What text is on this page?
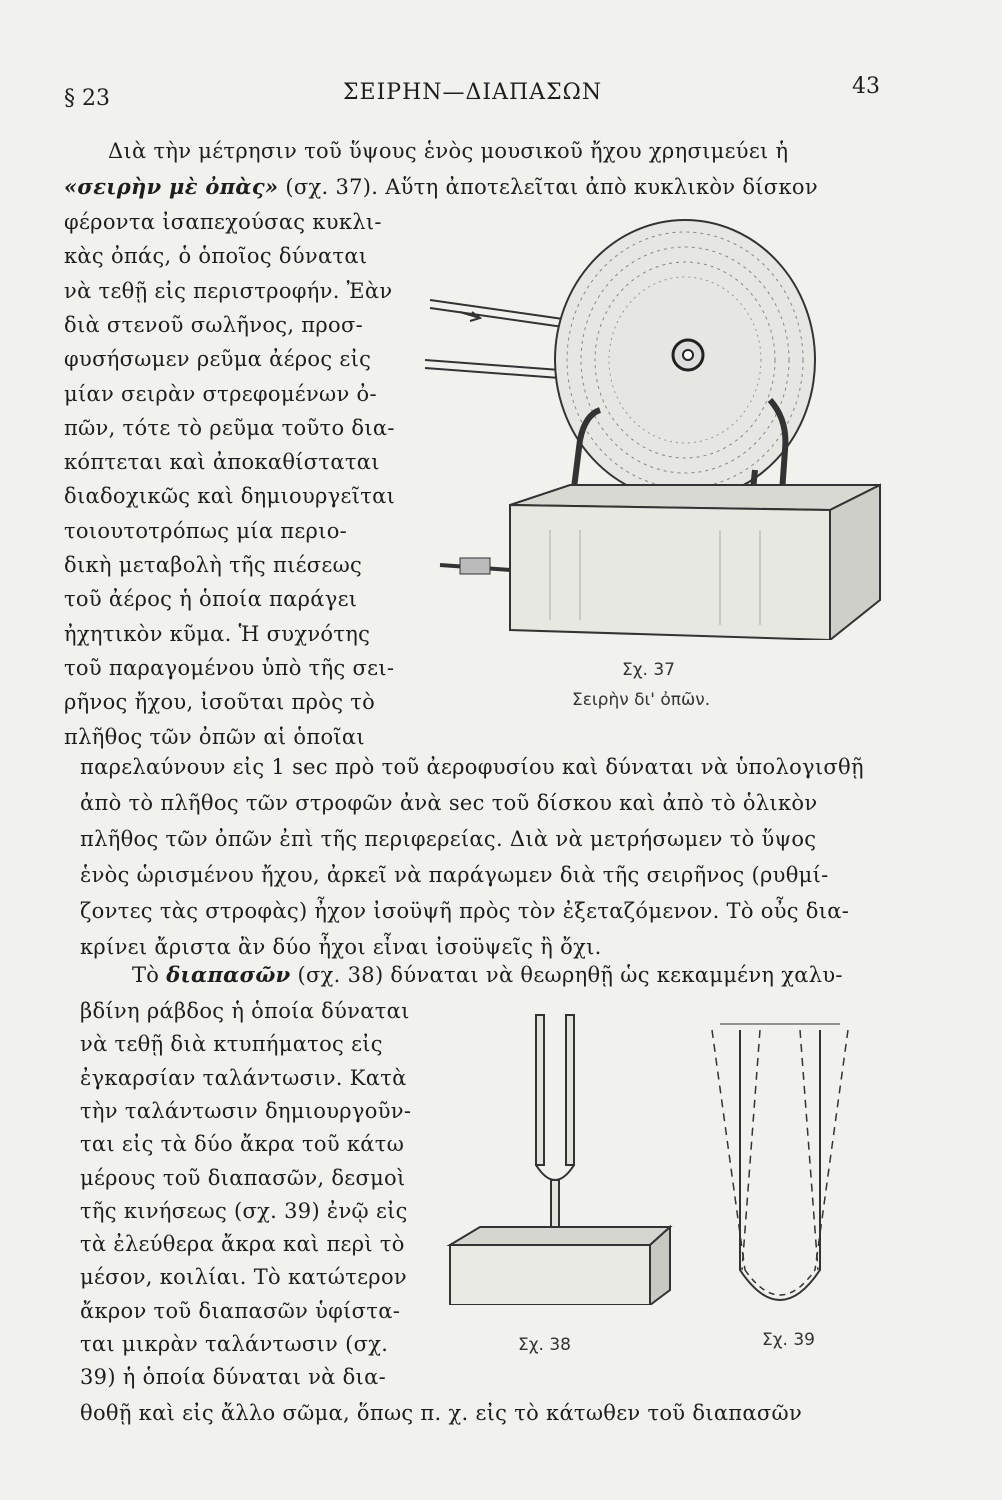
§ 23	ΣΕΙΡΗΝ—ΔΙΑΠΑΣΩΝ	43
Διὰ τὴν μέτρησιν τοῦ ὕψους ἑνὸς μουσικοῦ ἤχου χρησιμεύει ἡ
«σειρὴν μὲ ὀπὰς» (σχ. 37). Αὕτη ἀποτελεῖται ἀπὸ κυκλικὸν δίσκον
φέροντα ἰσαπεχούσας κυκλι-
κὰς ὀπάς, ὁ ὁποῖος δύναται
νὰ τεθῇ εἰς περιστροφήν. Ἐὰν
διὰ στενοῦ σωλῆνος, προσ-
φυσήσωμεν ρεῦμα ἀέρος εἰς
μίαν σειρὰν στρεφομένων ὀ-
πῶν, τότε τὸ ρεῦμα τοῦτο δια-
κόπτεται καὶ ἀποκαθίσταται
διαδοχικῶς καὶ δημιουργεῖται
τοιουτοτρόπως μία περιο-
δικὴ μεταβολὴ τῆς πιέσεως
τοῦ ἀέρος ἡ ὁποία παράγει
ἠχητικὸν κῦμα. Ἡ συχνότης
τοῦ παραγομένου ὑπὸ τῆς σει-
ρῆνος ἤχου, ἰσοῦται πρὸς τὸ
πλῆθος τῶν ὀπῶν αἱ ὁποῖαι
παρελαύνουν εἰς 1 sec πρὸ τοῦ ἀεροφυσίου καὶ δύναται νὰ ὑπολογισθῇ
ἀπὸ τὸ πλῆθος τῶν στροφῶν ἀνὰ sec τοῦ δίσκου καὶ ἀπὸ τὸ ὁλικὸν
πλῆθος τῶν ὀπῶν ἐπὶ τῆς περιφερείας. Διὰ νὰ μετρήσωμεν τὸ ὕψος
ἑνὸς ὡρισμένου ἤχου, ἀρκεῖ νὰ παράγωμεν διὰ τῆς σειρῆνος (ρυθμί-
ζοντες τὰς στροφὰς) ἦχον ἰσοϋψῆ πρὸς τὸν ἐξεταζόμενον. Τὸ οὖς δια-
κρίνει ἄριστα ἂν δύο ἦχοι εἶναι ἰσοϋψεῖς ἢ ὄχι.
Τὸ διαπασῶν (σχ. 38) δύναται νὰ θεωρηθῇ ὡς κεκαμμένη χαλυ-
βδίνη ράβδος ἡ ὁποία δύναται
νὰ τεθῇ διὰ κτυπήματος εἰς
ἐγκαρσίαν ταλάντωσιν. Κατὰ
τὴν ταλάντωσιν δημιουργοῦν-
ται εἰς τὰ δύο ἄκρα τοῦ κάτω
μέρους τοῦ διαπασῶν, δεσμοὶ
τῆς κινήσεως (σχ. 39) ἐνῷ εἰς
τὰ ἐλεύθερα ἄκρα καὶ περὶ τὸ
μέσον, κοιλίαι. Τὸ κατώτερον
ἄκρον τοῦ διαπασῶν ὑφίστα-
ται μικρὰν ταλάντωσιν (σχ.
39) ἡ ὁποία δύναται νὰ δια-
θοθῇ καὶ εἰς ἄλλο σῶμα, ὅπως π. χ. εἰς τὸ κάτωθεν τοῦ διαπασῶν
Σχ. 37
Σειρὴν δι' ὀπῶν.
Σχ. 38	Σχ. 39
